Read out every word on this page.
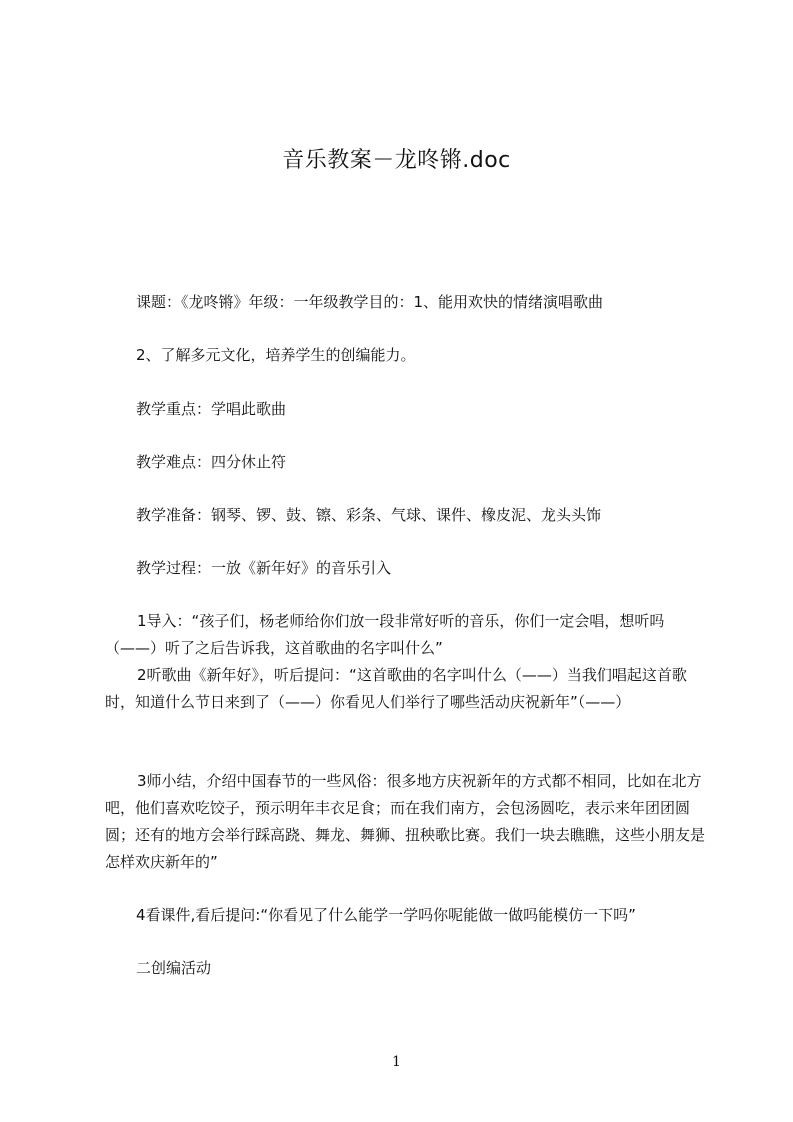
音乐教案－龙咚锵.doc
课题：《龙咚锵》年级：一年级教学目的：1、能用欢快的情绪演唱歌曲
2、了解多元文化，培养学生的创编能力。
教学重点：学唱此歌曲
教学难点：四分休止符
教学准备：钢琴、锣、鼓、镲、彩条、气球、课件、橡皮泥、龙头头饰
教学过程：一放《新年好》的音乐引入
1导入：“孩子们，杨老师给你们放一段非常好听的音乐，你们一定会唱，想听吗（——）听了之后告诉我，这首歌曲的名字叫什么”
2听歌曲《新年好》，听后提问：“这首歌曲的名字叫什么（——）当我们唱起这首歌时，知道什么节日来到了（——）你看见人们举行了哪些活动庆祝新年”（——）
3师小结，介绍中国春节的一些风俗：很多地方庆祝新年的方式都不相同，比如在北方吧，他们喜欢吃饺子，预示明年丰衣足食；而在我们南方，会包汤圆吃，表示来年团团圆圆；还有的地方会举行踩高跷、舞龙、舞狮、扭秧歌比赛。我们一块去瞧瞧，这些小朋友是怎样欢庆新年的”
4看课件,看后提问:“你看见了什么能学一学吗你呢能做一做吗能模仿一下吗”
二创编活动
1
